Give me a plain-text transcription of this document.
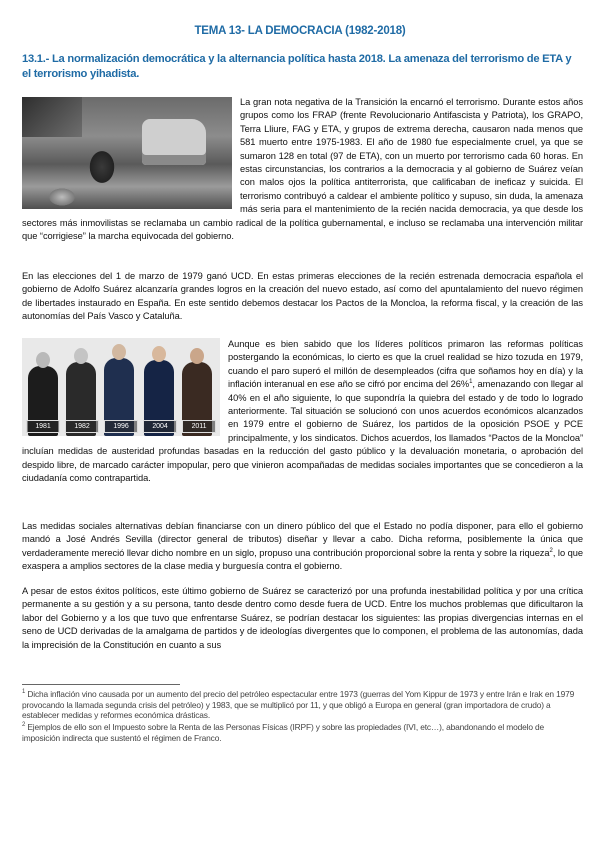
TEMA 13- LA DEMOCRACIA (1982-2018)
13.1.- La normalización democrática y la alternancia política hasta 2018. La amenaza del terrorismo de ETA y el terrorismo yihadista.

La gran nota negativa de la Transición la encarnó el terrorismo. Durante estos años grupos como los FRAP (frente Revolucionario Antifascista y Patriota), los GRAPO, Terra Lliure, FAG y ETA, y grupos de extrema derecha, causaron nada menos que 581 muerto entre 1975-1983. El año de 1980 fue especialmente cruel, ya que se sumaron 128 en total (97 de ETA), con un muerto por terrorismo cada 60 horas. En estas circunstancias, los contrarios a la democracia y al gobierno de Suárez veían con malos ojos la política antiterrorista, que calificaban de ineficaz y suicida. El terrorismo contribuyó a caldear el ambiente político y supuso, sin duda, la amenaza más seria para el mantenimiento de la recién nacida democracia, ya que desde los sectores más inmovilistas se reclamaba un cambio radical de la política gubernamental, e incluso se reclamaba una intervención militar que “corrigiese” la marcha equivocada del gobierno.

En las elecciones del 1 de marzo de 1979 ganó UCD. En estas primeras elecciones de la recién estrenada democracia española el gobierno de Adolfo Suárez alcanzaría grandes logros en la creación del nuevo estado, así como del apuntalamiento del nuevo régimen de libertades instaurado en España. En este sentido debemos destacar los Pactos de la Moncloa, la reforma fiscal, y la creación de las autonomías del País Vasco y Cataluña.

1981	1982	1996	2004	2011

Aunque es bien sabido que los líderes políticos primaron las reformas políticas postergando la económicas, lo cierto es que la cruel realidad se hizo tozuda en 1979, cuando el paro superó el millón de desempleados (cifra que soñamos hoy en día) y la inflación interanual en ese año se cifró por encima del 26%$^1$, amenazando con llegar al 40% en el año siguiente, lo que supondría la quiebra del estado y de todo lo logrado anteriormente. Tal situación se solucionó con unos acuerdos económicos alcanzados en 1979 entre el gobierno de Suárez, los partidos de la oposición PSOE y PCE principalmente, y los sindicatos. Dichos acuerdos, los llamados “Pactos de la Moncloa” incluían medidas de austeridad profundas basadas en la reducción del gasto público y la devaluación monetaria, o aprobación del despido libre, de marcado carácter impopular, pero que vinieron acompañadas de medidas sociales importantes que se concedieron a la ciudadanía como contrapartida.

Las medidas sociales alternativas debían financiarse con un dinero público del que el Estado no podía disponer, para ello el gobierno mandó a José Andrés Sevilla (director general de tributos) diseñar y llevar a cabo. Dicha reforma, posiblemente la única que verdaderamente mereció llevar dicho nombre en un siglo, propuso una contribución proporcional sobre la renta y sobre la riqueza$^2$, lo que exaspera a amplios sectores de la clase media y burguesía contra el gobierno.

A pesar de estos éxitos políticos, este último gobierno de Suárez se caracterizó por una profunda inestabilidad política y por una crítica permanente a su gestión y a su persona, tanto desde dentro como desde fuera de UCD. Entre los muchos problemas que dificultaron la labor del Gobierno y a los que tuvo que enfrentarse Suárez, se podrían destacar los siguientes: las propias divergencias internas en el seno de UCD derivadas de la amalgama de partidos y de ideologías divergentes que lo componen, el problema de las autonomías, dada la imprecisión de la Constitución en cuanto a sus

$^1$ Dicha inflación vino causada por un aumento del precio del petróleo espectacular entre 1973 (guerras del Yom Kippur de 1973 y entre Irán e Irak en 1979 provocando la llamada segunda crisis del petróleo) y 1983, que se multiplicó por 11, y que obligó a Europa en general (gran importadora de crudo) a establecer medidas y reformes económica drásticas.

$^2$ Ejemplos de ello son el Impuesto sobre la Renta de las Personas Físicas (IRPF) y sobre las propiedades (IVI, etc…), abandonando el modelo de imposición indirecta que sustentó el régimen de Franco.
